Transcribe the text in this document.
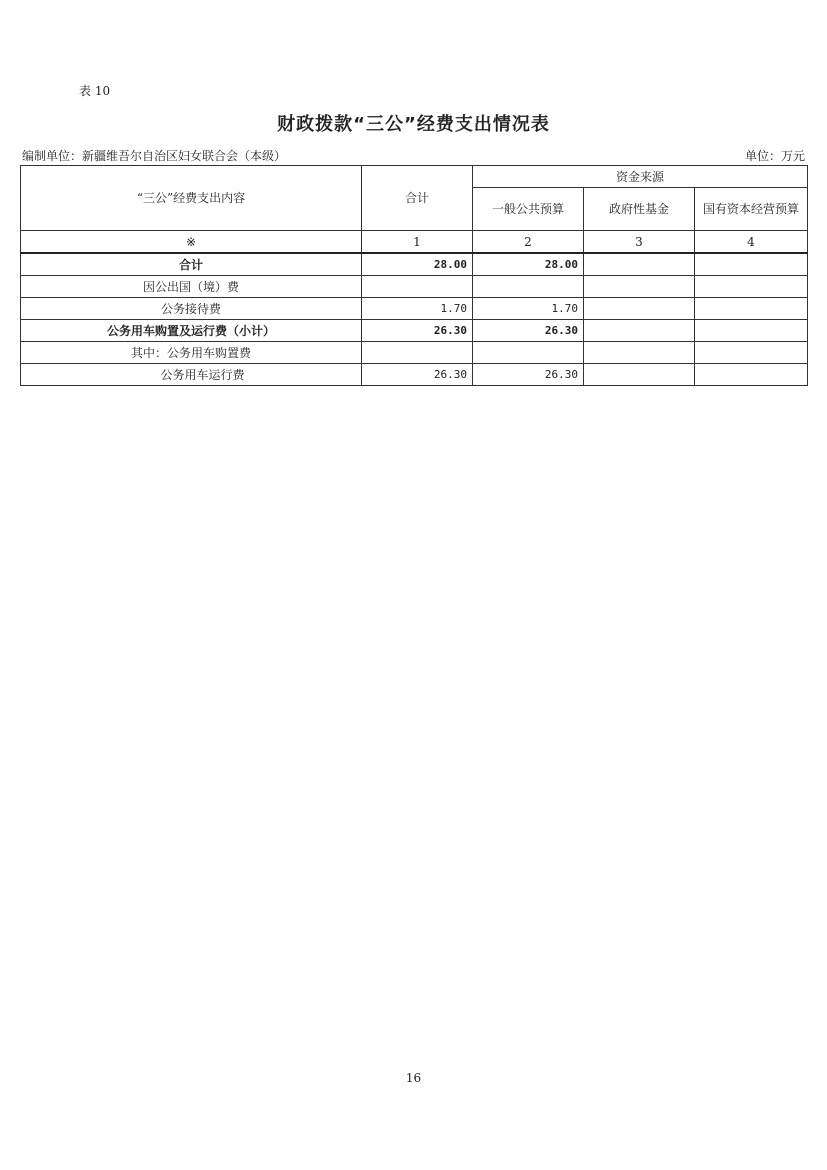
表 10
财政拨款“三公”经费支出情况表
编制单位：新疆维吾尔自治区妇女联合会（本级）	单位：万元
“三公”经费支出内容	合计	资金来源		
		一般公共预算	政府性基金	国有资本经营预算
※	1	2	3	4
合计	28.00	28.00		
因公出国（境）费				
公务接待费	1.70	1.70		
公务用车购置及运行费（小计）	26.30	26.30		
其中：公务用车购置费				
公务用车运行费	26.30	26.30		
16
